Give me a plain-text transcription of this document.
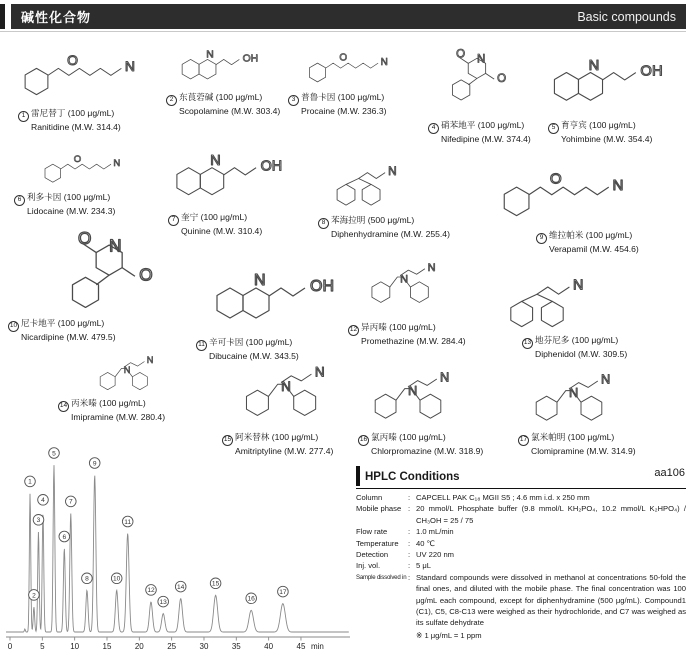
碱性化合物	Basic compounds
O	N
1 雷尼替丁 (100 μg/mL)
Ranitidine (M.W. 314.4)
N OH
2 东莨菪碱 (100 μg/mL)
Scopolamine (M.W. 303.4)
O N
3 普鲁卡因 (100 μg/mL)
Procaine (M.W. 236.3)
O
O N
4 硝苯地平 (100 μg/mL)
Nifedipine (M.W. 374.4)
N	OH
5 育亨宾 (100 μg/mL)
Yohimbine (M.W. 354.4)
O N
6 利多卡因 (100 μg/mL)
Lidocaine (M.W. 234.3)
N OH
7 奎宁 (100 μg/mL)
Quinine (M.W. 310.4)
N
8 苯海拉明 (500 μg/mL)
Diphenhydramine (M.W. 255.4)
O	N
9 维拉帕米 (100 μg/mL)
Verapamil (M.W. 454.6)
O
O N
10 尼卡地平 (100 μg/mL)
Nicardipine (M.W. 479.5)
N	OH
11 辛可卡因 (100 μg/mL)
Dibucaine (M.W. 343.5)
N
N
12 异丙嗪 (100 μg/mL)
Promethazine (M.W. 284.4)
N
13 地芬尼多 (100 μg/mL)
Diphenidol (M.W. 309.5)
N
N
14 丙米嗪 (100 μg/mL)
Imipramine (M.W. 280.4)
N
N
15 阿米替林 (100 μg/mL)
Amitriptyline (M.W. 277.4)
N
N
16 氯丙嗪 (100 μg/mL)
Chlorpromazine (M.W. 318.9)
N
N
17 氯米帕明 (100 μg/mL)
Clomipramine (M.W. 314.9)
1
2
3
4
5
6
7
8
9
10
11
12
13
14	15
16
17
0	5	10	15	20	25	30	35	40	45 min
HPLC Conditions	aa106
Column	: CAPCELL PAK C₁₈ MGII S5 ; 4.6 mm i.d. x 250 mm
Mobile phase : 20 mmol/L Phosphate buffer (9.8 mmol/L KH₂PO₄, 10.2 mmol/L K₂HPO₄) / CH₃OH = 25 / 75
Flow rate	: 1.0 mL/min
Temperature	: 40 ℃
Detection	: UV 220 nm
Inj. vol.	: 5 μL
Sample dissolved in : Standard compounds were dissolved in methanol at concentrations 50-fold the final ones, and diluted with the mobile phase. The final concentration was 100 μg/mL each compound, except for diphenhydramine (500 μg/mL). Compound1 (C1), C5, C8-C13 were weighed as their hydrochloride, and C7 was weighed as its sulfate dehydrate
※ 1 μg/mL = 1 ppm
